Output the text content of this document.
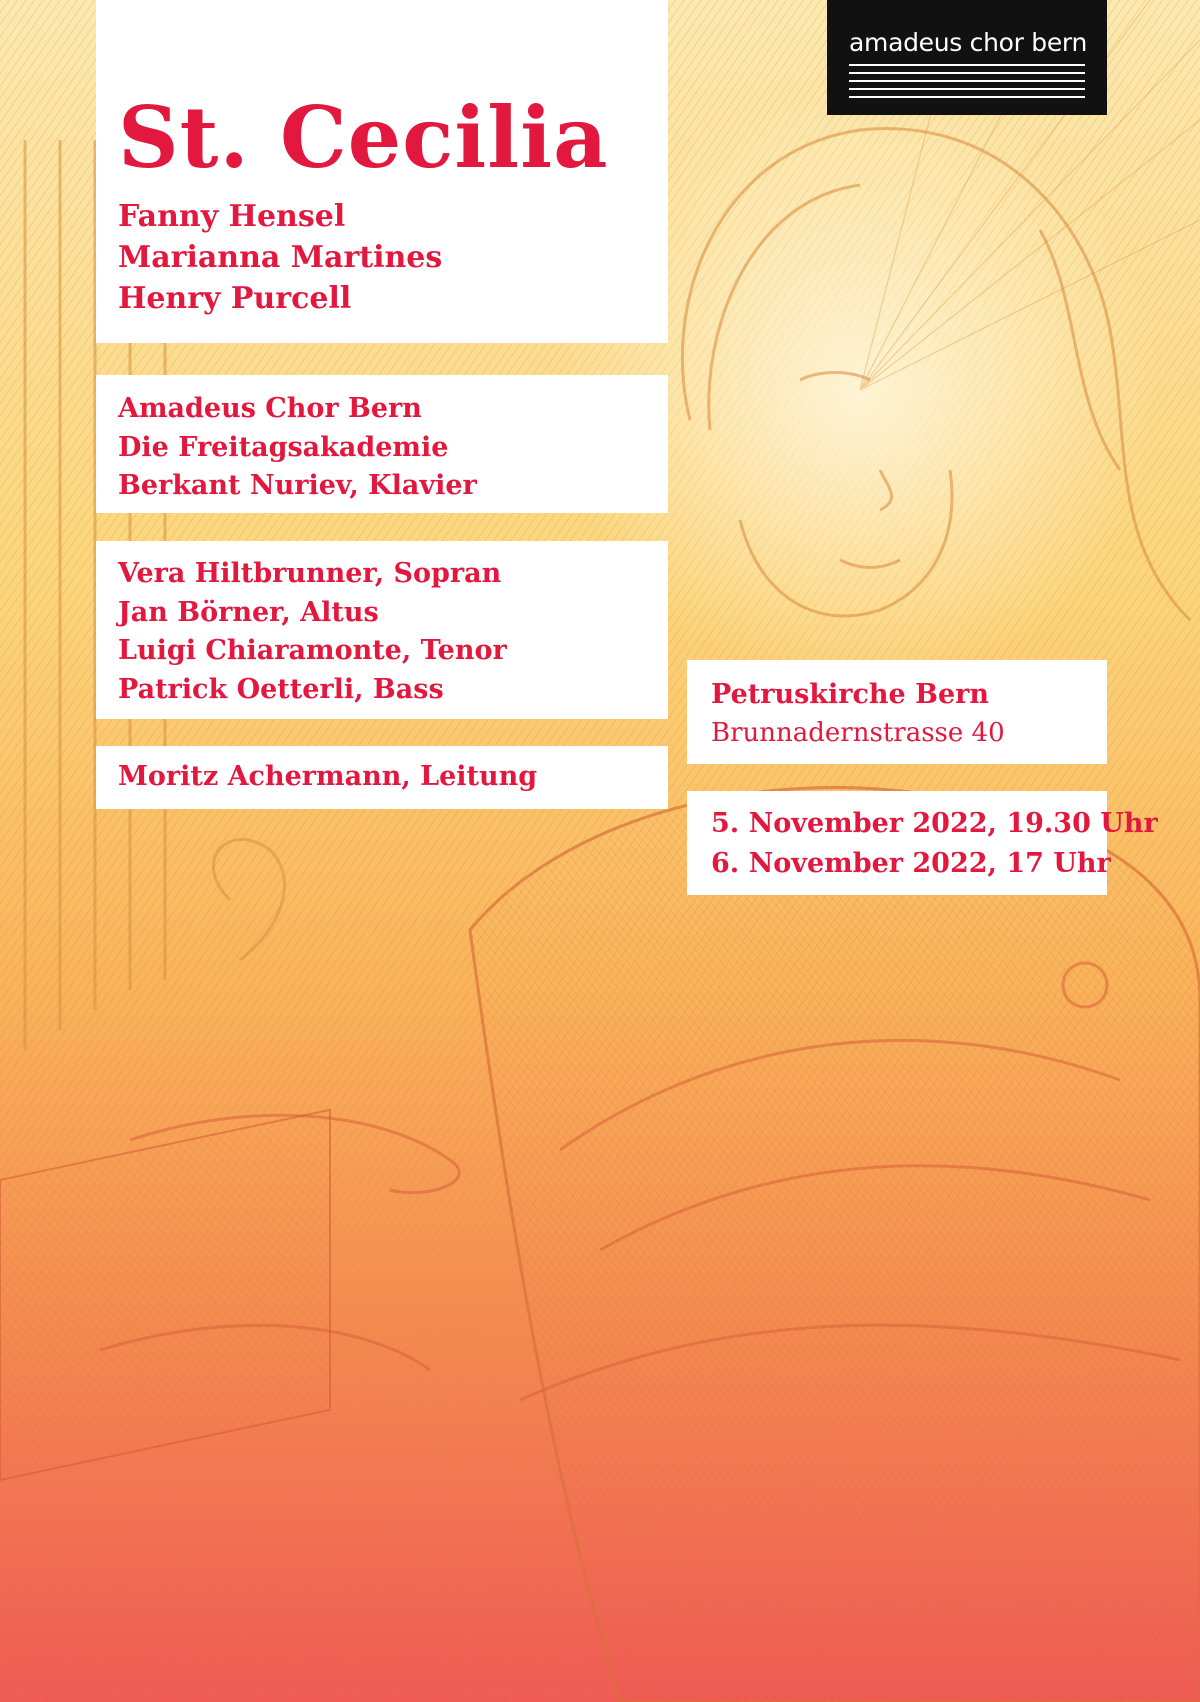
St. Cecilia
Fanny Hensel
Marianna Martines
Henry Purcell
Amadeus Chor Bern
Die Freitagsakademie
Berkant Nuriev, Klavier
Vera Hiltbrunner, Sopran
Jan Börner, Altus
Luigi Chiaramonte, Tenor
Patrick Oetterli, Bass
Moritz Achermann, Leitung
Petruskirche Bern
Brunnadernstrasse 40
5. November 2022, 19.30 Uhr
6. November 2022, 17 Uhr
amadeus chor bern
